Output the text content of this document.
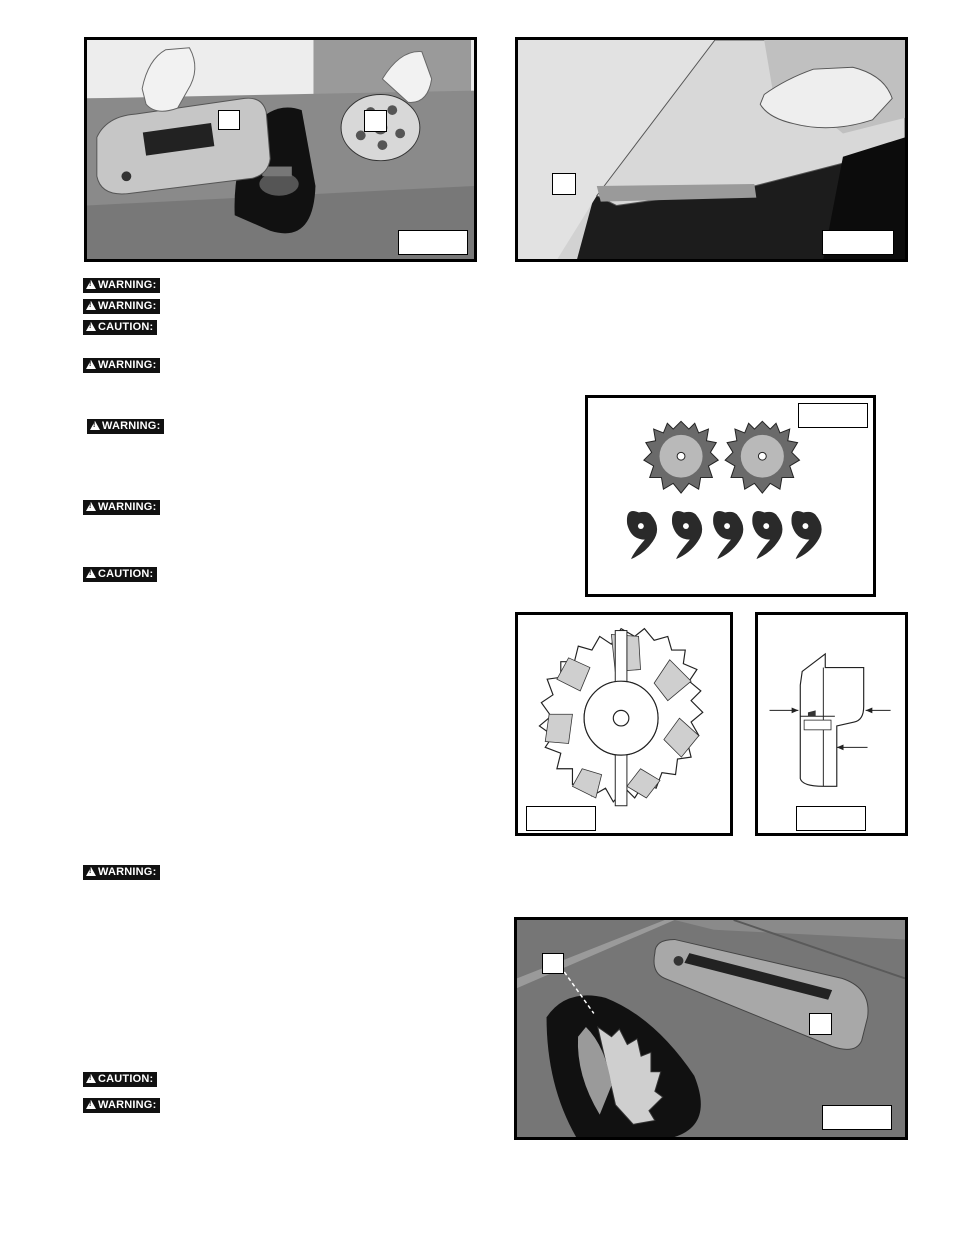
!WARNING:
!WARNING:
!CAUTION:
!WARNING:
!WARNING:
!WARNING:
!CAUTION:
!WARNING:
!CAUTION:
!WARNING:
